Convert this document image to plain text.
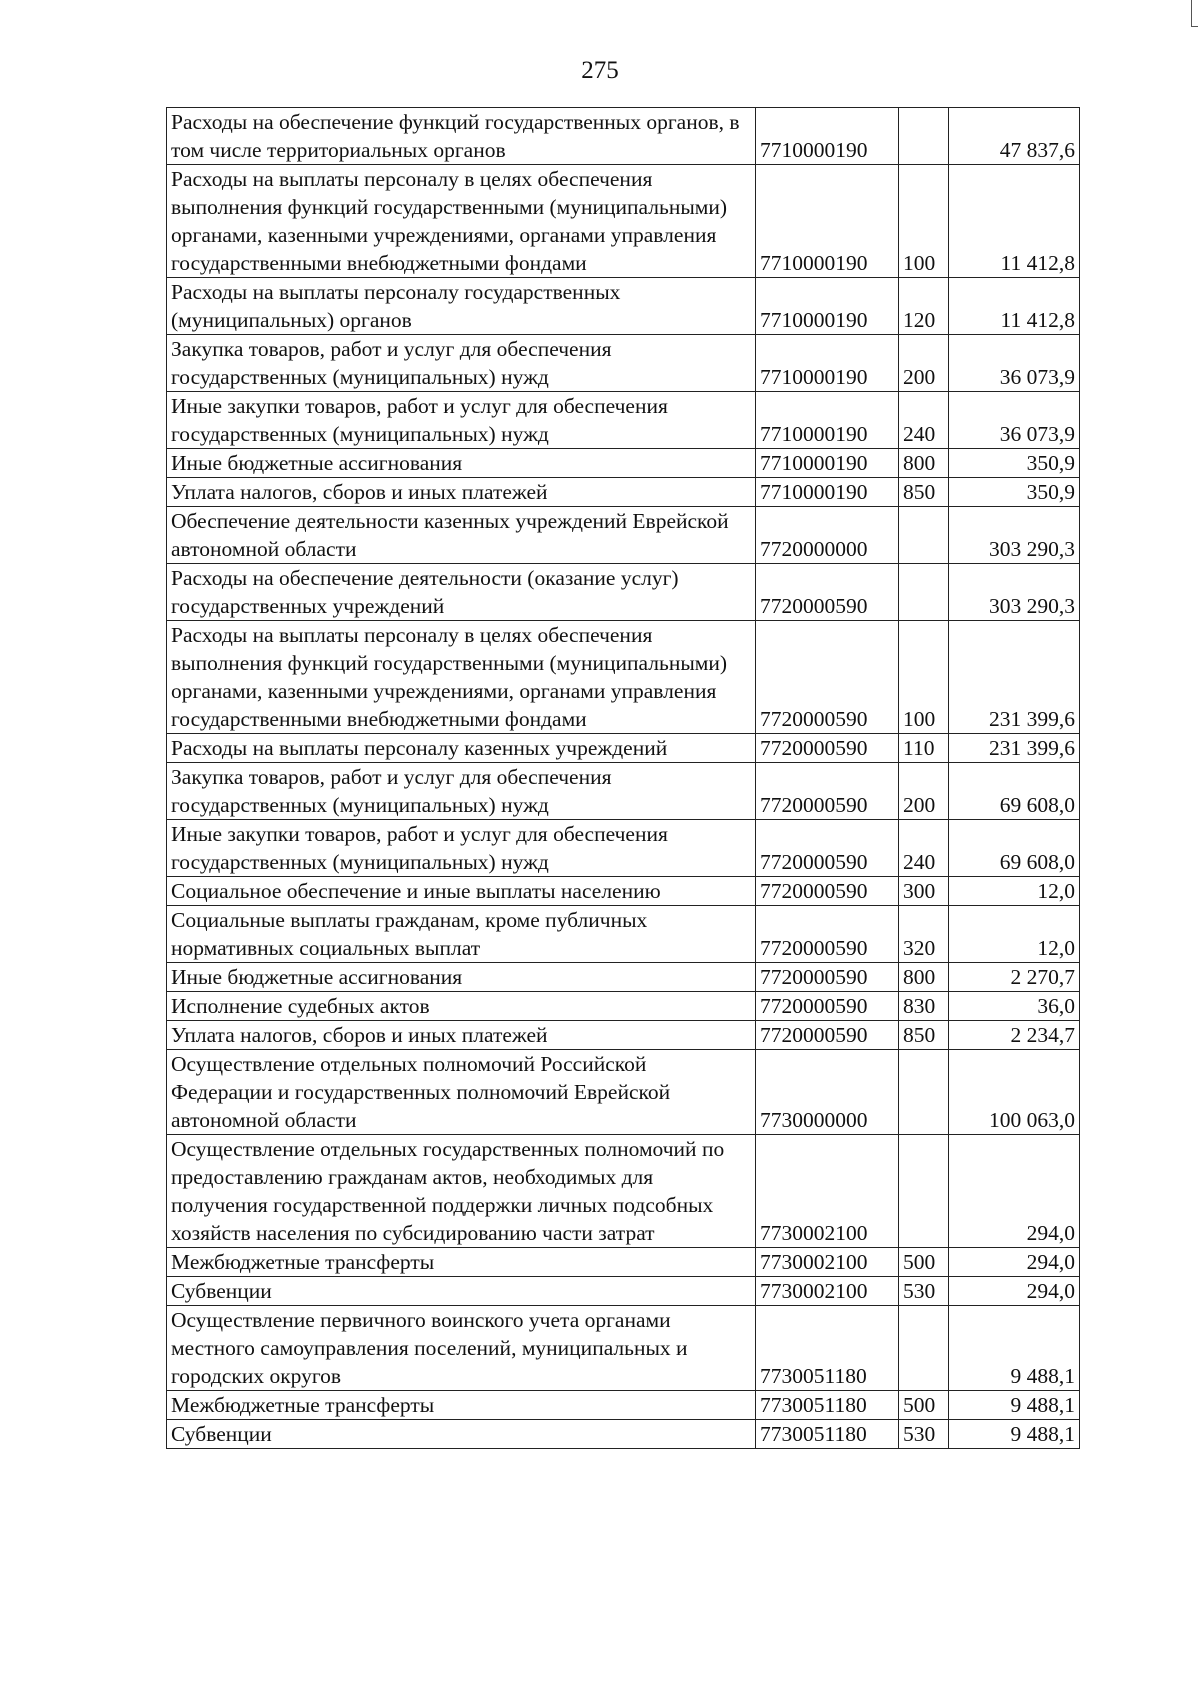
275
Расходы на обеспечение функций государственных органов, в том числе территориальных органов	7710000190		47 837,6
Расходы на выплаты персоналу в целях обеспечения выполнения функций государственными (муниципальными) органами, казенными учреждениями, органами управления государственными внебюджетными фондами	7710000190	100	11 412,8
Расходы на выплаты персоналу государственных (муниципальных) органов	7710000190	120	11 412,8
Закупка товаров, работ и услуг для обеспечения государственных (муниципальных) нужд	7710000190	200	36 073,9
Иные закупки товаров, работ и услуг для обеспечения государственных (муниципальных) нужд	7710000190	240	36 073,9
Иные бюджетные ассигнования	7710000190	800	350,9
Уплата налогов, сборов и иных платежей	7710000190	850	350,9
Обеспечение деятельности казенных учреждений Еврейской автономной области	7720000000		303 290,3
Расходы на обеспечение деятельности (оказание услуг) государственных учреждений	7720000590		303 290,3
Расходы на выплаты персоналу в целях обеспечения выполнения функций государственными (муниципальными) органами, казенными учреждениями, органами управления государственными внебюджетными фондами	7720000590	100	231 399,6
Расходы на выплаты персоналу казенных учреждений	7720000590	110	231 399,6
Закупка товаров, работ и услуг для обеспечения государственных (муниципальных) нужд	7720000590	200	69 608,0
Иные закупки товаров, работ и услуг для обеспечения государственных (муниципальных) нужд	7720000590	240	69 608,0
Социальное обеспечение и иные выплаты населению	7720000590	300	12,0
Социальные выплаты гражданам, кроме публичных нормативных социальных выплат	7720000590	320	12,0
Иные бюджетные ассигнования	7720000590	800	2 270,7
Исполнение судебных актов	7720000590	830	36,0
Уплата налогов, сборов и иных платежей	7720000590	850	2 234,7
Осуществление отдельных полномочий Российской Федерации и государственных полномочий Еврейской автономной области	7730000000		100 063,0
Осуществление отдельных государственных полномочий по предоставлению гражданам актов, необходимых для получения государственной поддержки личных подсобных хозяйств населения по субсидированию части затрат	7730002100		294,0
Межбюджетные трансферты	7730002100	500	294,0
Субвенции	7730002100	530	294,0
Осуществление первичного воинского учета органами местного самоуправления поселений, муниципальных и городских округов	7730051180		9 488,1
Межбюджетные трансферты	7730051180	500	9 488,1
Субвенции	7730051180	530	9 488,1
